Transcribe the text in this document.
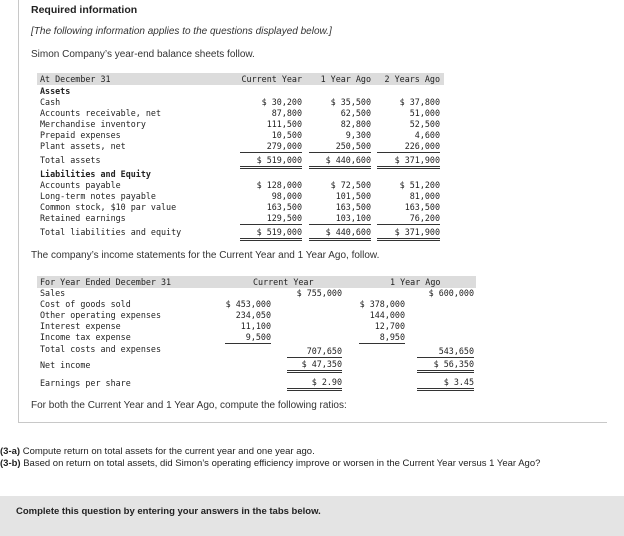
Required information
[The following information applies to the questions displayed below.]
Simon Company’s year-end balance sheets follow.
At December 31	Current Year	1 Year Ago	2 Years Ago
Assets
Cash	$ 30,200	$ 35,500	$ 37,800
Accounts receivable, net	87,800	62,500	51,000
Merchandise inventory	111,500	82,800	52,500
Prepaid expenses	10,500	9,300	4,600
Plant assets, net	279,000	250,500	226,000
Total assets	$ 519,000	$ 440,600	$ 371,900
Liabilities and Equity
Accounts payable	$ 128,000	$ 72,500	$ 51,200
Long-term notes payable	98,000	101,500	81,000
Common stock, $10 par value	163,500	163,500	163,500
Retained earnings	129,500	103,100	76,200
Total liabilities and equity	$ 519,000	$ 440,600	$ 371,900
The company’s income statements for the Current Year and 1 Year Ago, follow.
For Year Ended December 31	Current Year	1 Year Ago
Sales	$ 755,000	$ 600,000
Cost of goods sold	$ 453,000	$ 378,000
Other operating expenses	234,050	144,000
Interest expense	11,100	12,700
Income tax expense	9,500	8,950
Total costs and expenses	707,650	543,650
Net income	$ 47,350	$ 56,350
Earnings per share	$ 2.90	$ 3.45
For both the Current Year and 1 Year Ago, compute the following ratios:
(3-a) Compute return on total assets for the current year and one year ago.
(3-b) Based on return on total assets, did Simon’s operating efficiency improve or worsen in the Current Year versus 1 Year Ago?
Complete this question by entering your answers in the tabs below.
